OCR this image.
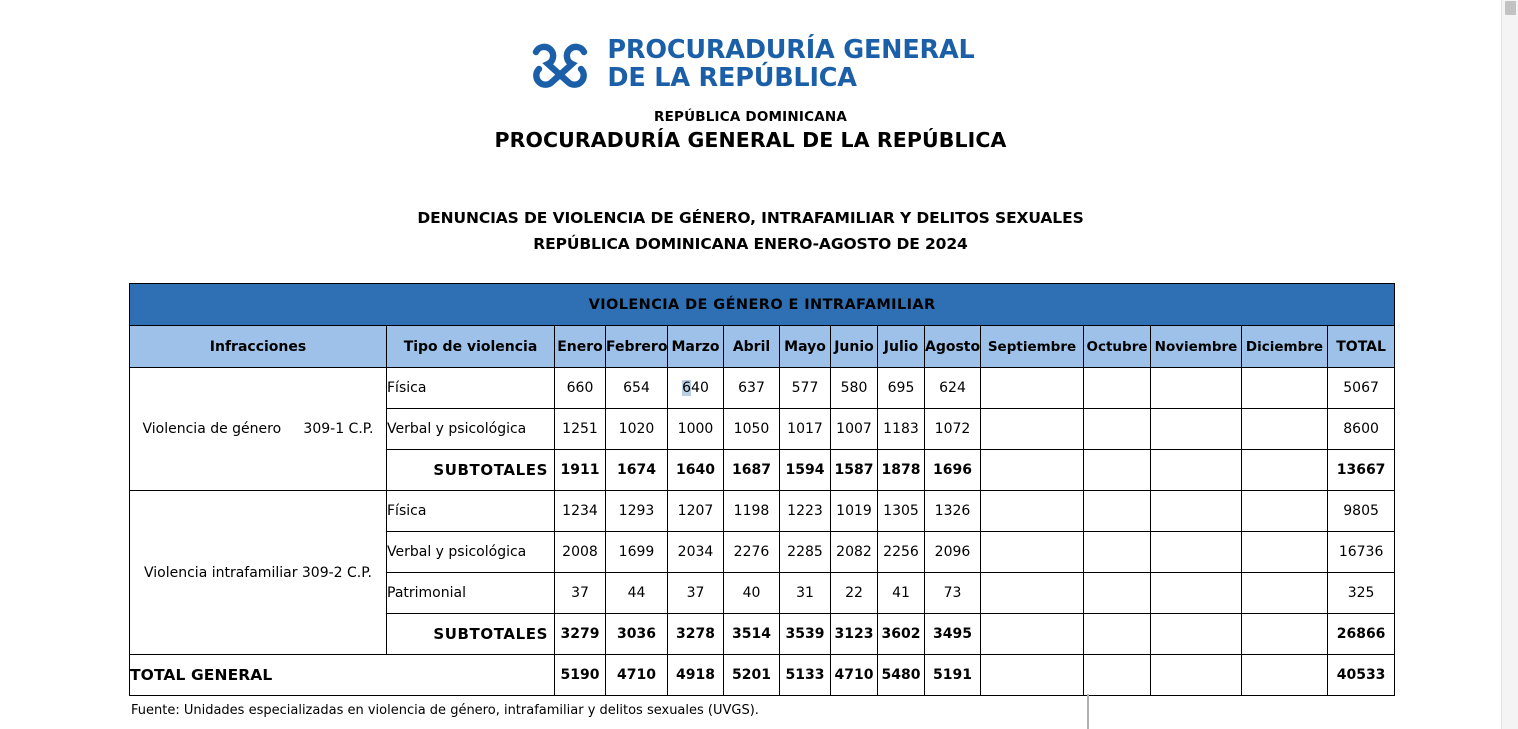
PROCURADURÍA GENERAL
DE LA REPÚBLICA
REPÚBLICA DOMINICANA
PROCURADURÍA GENERAL DE LA REPÚBLICA
DENUNCIAS DE VIOLENCIA DE GÉNERO, INTRAFAMILIAR Y DELITOS SEXUALES
REPÚBLICA DOMINICANA ENERO-AGOSTO DE 2024
VIOLENCIA DE GÉNERO E INTRAFAMILIAR														
Infracciones	Tipo de violencia	Enero	Febrero	Marzo	Abril	Mayo	Junio	Julio	Agosto	Septiembre	Octubre	Noviembre	Diciembre	TOTAL
Violencia de género     309-1 C.P.	Física	660	654	640	637	577	580	695	624					5067
	Verbal y psicológica	1251	1020	1000	1050	1017	1007	1183	1072					8600
	SUBTOTALES	1911	1674	1640	1687	1594	1587	1878	1696					13667
Violencia intrafamiliar 309-2 C.P.	Física	1234	1293	1207	1198	1223	1019	1305	1326					9805
	Verbal y psicológica	2008	1699	2034	2276	2285	2082	2256	2096					16736
	Patrimonial	37	44	37	40	31	22	41	73					325
	SUBTOTALES	3279	3036	3278	3514	3539	3123	3602	3495					26866
TOTAL GENERAL		5190	4710	4918	5201	5133	4710	5480	5191					40533
Fuente: Unidades especializadas en violencia de género, intrafamiliar y delitos sexuales (UVGS).
